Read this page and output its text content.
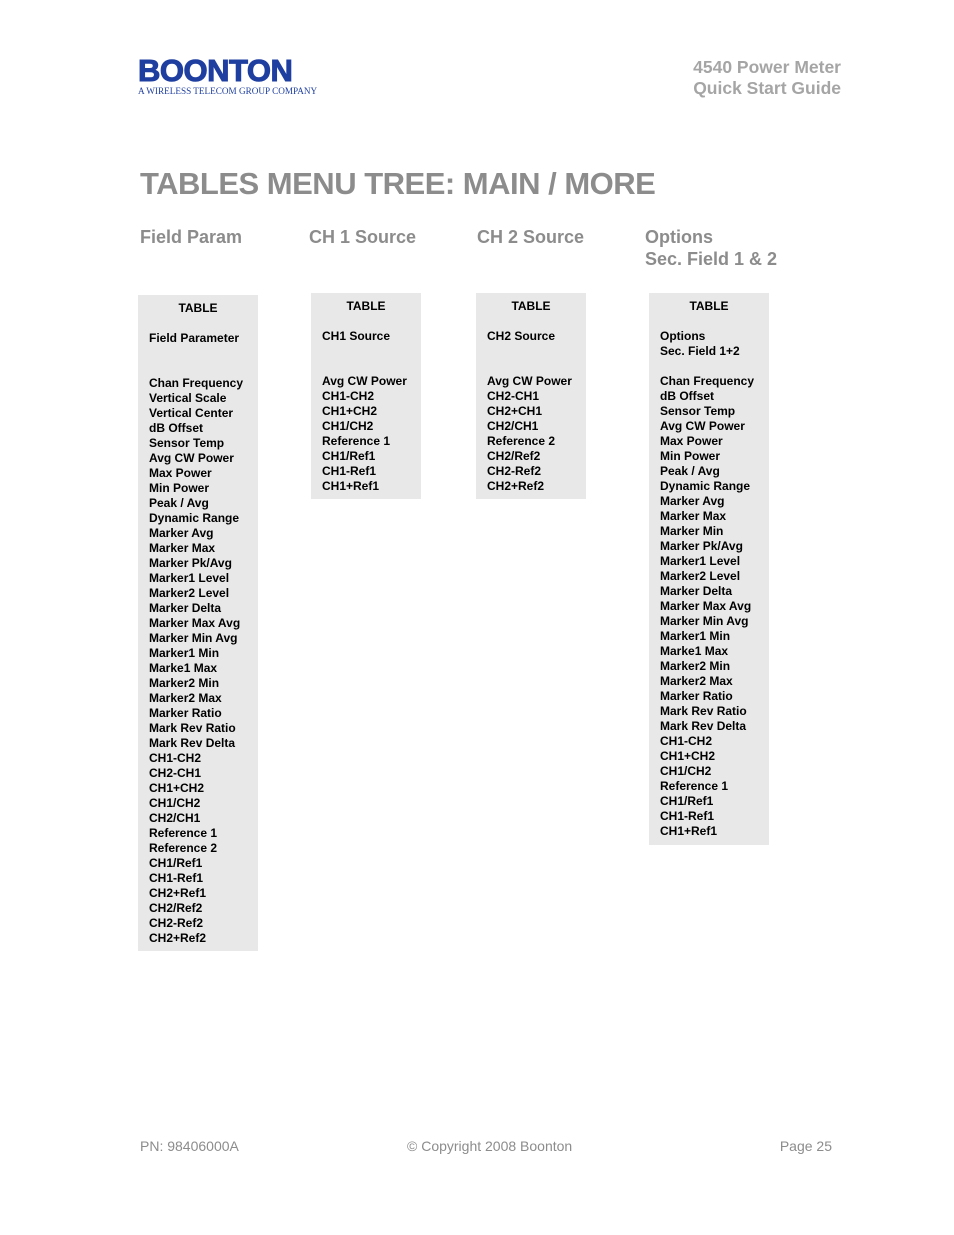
BOONTON
A WIRELESS TELECOM GROUP COMPANY
4540 Power Meter
Quick Start Guide
TABLES MENU TREE: MAIN / MORE
Field Param	CH 1 Source	CH 2 Source	Options
Sec. Field 1 & 2
TABLE
Field Parameter
Chan Frequency
Vertical Scale
Vertical Center
dB Offset
Sensor Temp
Avg CW Power
Max Power
Min Power
Peak / Avg
Dynamic Range
Marker Avg
Marker Max
Marker Pk/Avg
Marker1 Level
Marker2 Level
Marker Delta
Marker Max Avg
Marker Min Avg
Marker1 Min
Marke1 Max
Marker2 Min
Marker2 Max
Marker Ratio
Mark Rev Ratio
Mark Rev Delta
CH1-CH2
CH2-CH1
CH1+CH2
CH1/CH2
CH2/CH1
Reference 1
Reference 2
CH1/Ref1
CH1-Ref1
CH2+Ref1
CH2/Ref2
CH2-Ref2
CH2+Ref2
TABLE
CH1 Source
Avg CW Power
CH1-CH2
CH1+CH2
CH1/CH2
Reference 1
CH1/Ref1
CH1-Ref1
CH1+Ref1
TABLE
CH2 Source
Avg CW Power
CH2-CH1
CH2+CH1
CH2/CH1
Reference 2
CH2/Ref2
CH2-Ref2
CH2+Ref2
TABLE
Options
Sec. Field 1+2
Chan Frequency
dB Offset
Sensor Temp
Avg CW Power
Max Power
Min Power
Peak / Avg
Dynamic Range
Marker Avg
Marker Max
Marker Min
Marker Pk/Avg
Marker1 Level
Marker2 Level
Marker Delta
Marker Max Avg
Marker Min Avg
Marker1 Min
Marke1 Max
Marker2 Min
Marker2 Max
Marker Ratio
Mark Rev Ratio
Mark Rev Delta
CH1-CH2
CH1+CH2
CH1/CH2
Reference 1
CH1/Ref1
CH1-Ref1
CH1+Ref1
PN: 98406000A	© Copyright 2008 Boonton	Page 25
